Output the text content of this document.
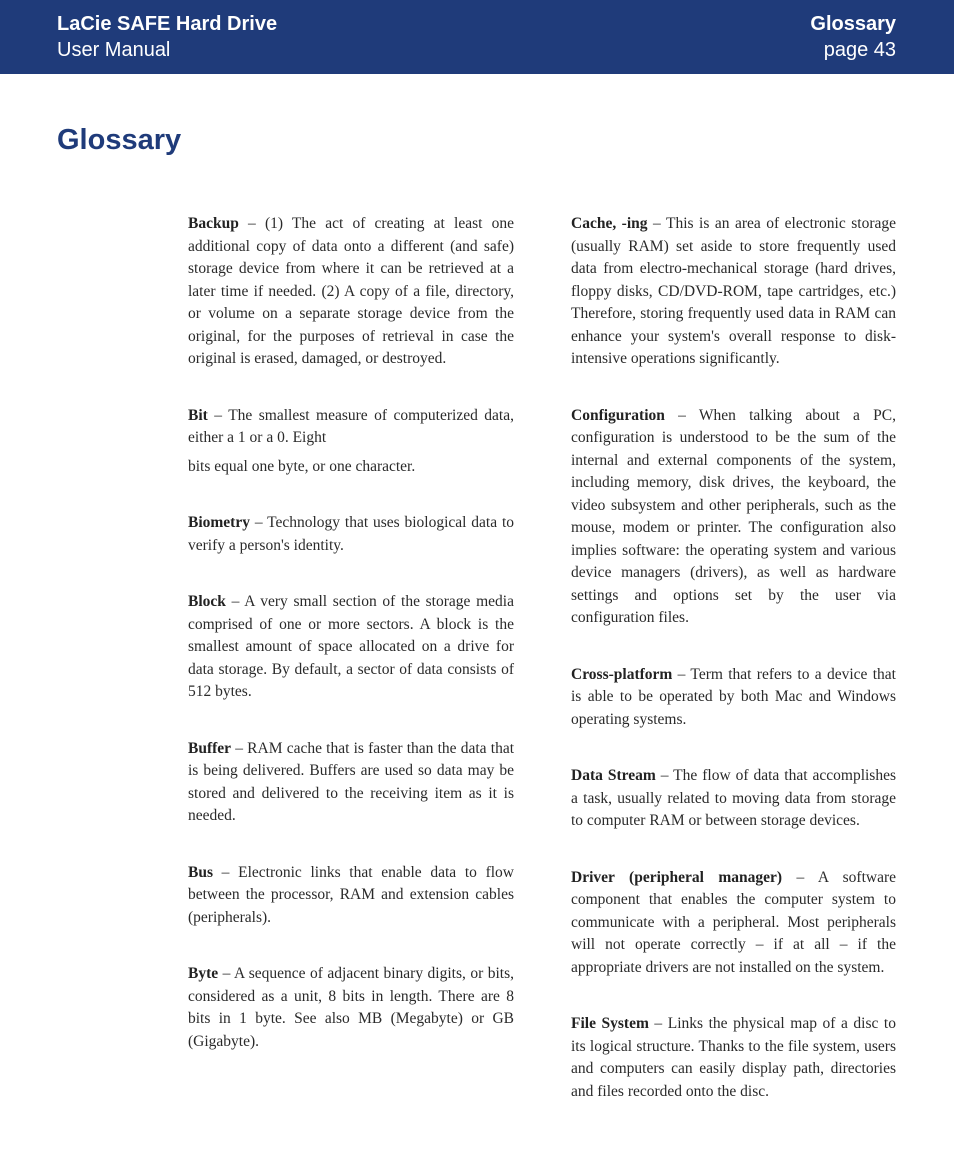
LaCie SAFE Hard Drive
User Manual
Glossary
page 43
Glossary

Backup – (1) The act of creating at least one additional copy of data onto a different (and safe) storage device from where it can be retrieved at a later time if needed. (2) A copy of a file, directory, or volume on a separate storage device from the original, for the purposes of retrieval in case the original is erased, damaged, or destroyed.

Bit – The smallest measure of computerized data, either a 1 or a 0. Eight

bits equal one byte, or one character.

Biometry – Technology that uses biological data to verify a person's identity.

Block – A very small section of the storage media comprised of one or more sectors. A block is the smallest amount of space allocated on a drive for data storage. By default, a sector of data consists of 512 bytes.

Buffer – RAM cache that is faster than the data that is being delivered. Buffers are used so data may be stored and delivered to the receiving item as it is needed.

Bus – Electronic links that enable data to flow between the processor, RAM and extension cables (peripherals).

Byte – A sequence of adjacent binary digits, or bits, considered as a unit, 8 bits in length. There are 8 bits in 1 byte. See also MB (Megabyte) or GB (Gigabyte).

Cache, -ing – This is an area of electronic storage (usually RAM) set aside to store frequently used data from electro-mechanical storage (hard drives, floppy disks, CD/DVD-ROM, tape cartridges, etc.) Therefore, storing frequently used data in RAM can enhance your system's overall response to disk-intensive operations significantly.

Configuration – When talking about a PC, configuration is understood to be the sum of the internal and external components of the system, including memory, disk drives, the keyboard, the video subsystem and other peripherals, such as the mouse, modem or printer. The configuration also implies software: the operating system and various device managers (drivers), as well as hardware settings and options set by the user via configuration files.

Cross-platform – Term that refers to a device that is able to be operated by both Mac and Windows operating systems.

Data Stream – The flow of data that accomplishes a task, usually related to moving data from storage to computer RAM or between storage devices.

Driver (peripheral manager) – A software component that enables the computer system to communicate with a peripheral. Most peripherals will not operate correctly – if at all – if the appropriate drivers are not installed on the system.

File System – Links the physical map of a disc to its logical structure. Thanks to the file system, users and computers can easily display path, directories and files recorded onto the disc.
